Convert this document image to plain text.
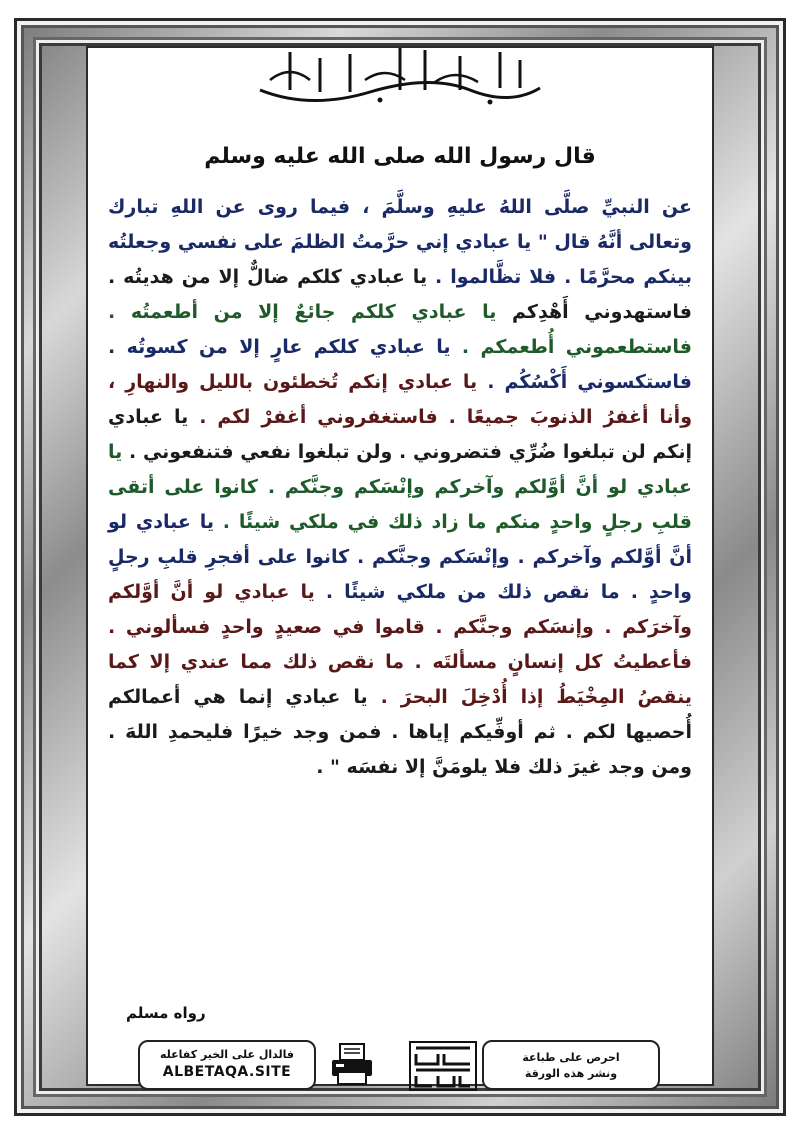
قال رسول الله صلى الله عليه وسلم
عن النبيِّ صلَّى اللهُ عليهِ وسلَّمَ ، فيما روى عن اللهِ تبارك وتعالى أنَّهُ قال " يا عبادي إني حرَّمتُ الظلمَ على نفسي وجعلتُه بينكم محرَّمًا . فلا تظَّالموا . يا عبادي كلكم ضالٌّ إلا من هديتُه . فاستهدوني أَهْدِكم يا عبادي كلكم جائعٌ إلا من أطعمتُه . فاستطعموني أُطعمكم . يا عبادي كلكم عارٍ إلا من كسوتُه . فاستكسوني أَكْسُكُم . يا عبادي إنكم تُخطئون بالليل والنهارِ ، وأنا أغفرُ الذنوبَ جميعًا . فاستغفروني أغفرْ لكم . يا عبادي إنكم لن تبلغوا ضُرِّي فتضروني . ولن تبلغوا نفعي فتنفعوني . يا عبادي لو أنَّ أوَّلكم وآخركم وإنْسَكم وجنَّكم . كانوا على أتقى قلبِ رجلٍ واحدٍ منكم ما زاد ذلك في ملكي شيئًا . يا عبادي لو أنَّ أوَّلكم وآخركم . وإنْسَكم وجنَّكم . كانوا على أفجرِ قلبِ رجلٍ واحدٍ . ما نقص ذلك من ملكي شيئًا . يا عبادي لو أنَّ أوَّلكم وآخرَكم . وإنسَكم وجنَّكم . قاموا في صعيدٍ واحدٍ فسألوني . فأعطيتُ كل إنسانٍ مسألتَه . ما نقص ذلك مما عندي إلا كما ينقصُ المِخْيَطُ إذا أُدْخِلَ البحرَ . يا عبادي إنما هي أعمالكم أُحصيها لكم . ثم أوفِّيكم إياها . فمن وجد خيرًا فليحمدِ اللهَ . ومن وجد غيرَ ذلك فلا يلومَنَّ إلا نفسَه " .
رواه مسلم
فالدال على الخير كفاعله
ALBETAQA.SITE
احرص على طباعة
ونشر هذه الورقة
